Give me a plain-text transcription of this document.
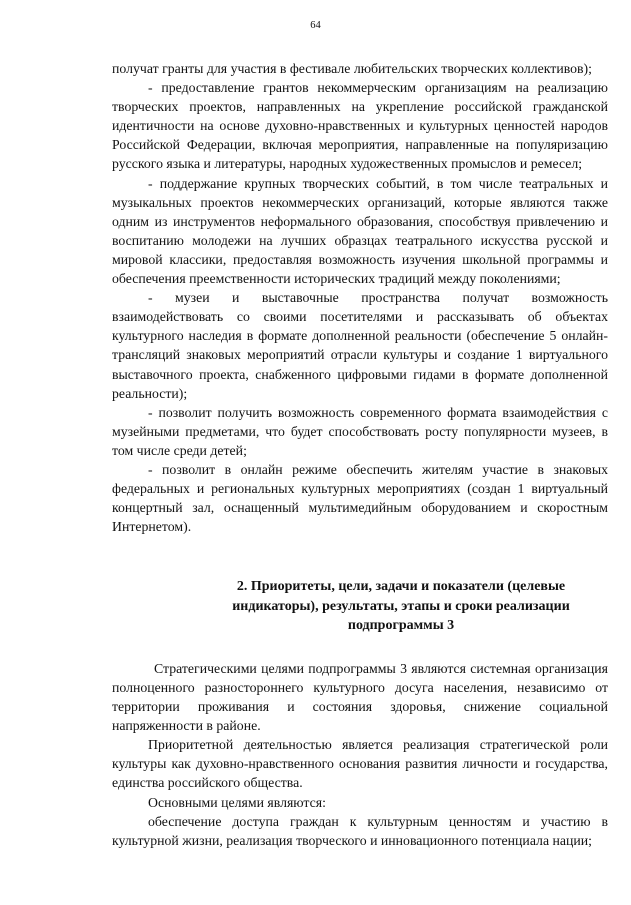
64

получат гранты для участия в фестивале любительских творческих коллективов);

- предоставление грантов некоммерческим организациям на реализацию творческих проектов, направленных на укрепление российской гражданской идентичности на основе духовно-нравственных и культурных ценностей народов Российской Федерации, включая мероприятия, направленные на популяризацию русского языка и литературы, народных художественных промыслов и ремесел;

- поддержание крупных творческих событий, в том числе театральных и музыкальных проектов некоммерческих организаций, которые являются также одним из инструментов неформального образования, способствуя привлечению и воспитанию молодежи на лучших образцах театрального искусства русской и мировой классики, предоставляя возможность изучения школьной программы и обеспечения преемственности исторических традиций между поколениями;

- музеи и выставочные пространства получат возможность взаимодействовать со своими посетителями и рассказывать об объектах культурного наследия в формате дополненной реальности (обеспечение 5 онлайн-трансляций знаковых мероприятий отрасли культуры и создание 1 виртуального выставочного проекта, снабженного цифровыми гидами в формате дополненной реальности);

- позволит получить возможность современного формата взаимодействия с музейными предметами, что будет способствовать росту популярности музеев, в том числе среди детей;

- позволит в онлайн режиме обеспечить жителям участие в знаковых федеральных и региональных культурных мероприятиях (создан 1 виртуальный концертный зал, оснащенный мультимедийным оборудованием и скоростным Интернетом).

2. Приоритеты, цели, задачи и показатели (целевые
индикаторы), результаты, этапы и сроки реализации
подпрограммы 3

Стратегическими целями подпрограммы 3 являются системная организация полноценного разностороннего культурного досуга населения, независимо от территории проживания и состояния здоровья, снижение социальной напряженности в районе.

Приоритетной деятельностью является реализация стратегической роли культуры как духовно-нравственного основания развития личности и государства, единства российского общества.

Основными целями являются:

обеспечение доступа граждан к культурным ценностям и участию в культурной жизни, реализация творческого и инновационного потенциала нации;
